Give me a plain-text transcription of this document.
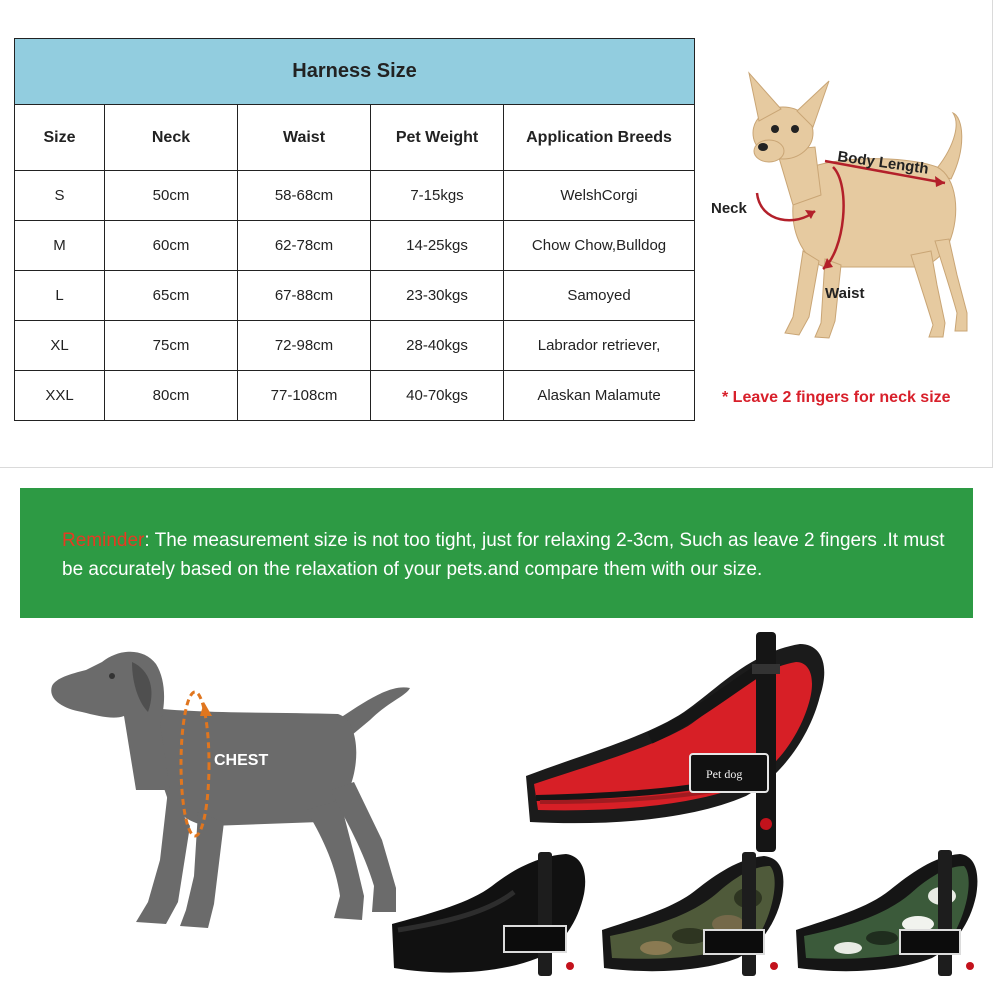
Harness Size				
Size	Neck	Waist	Pet Weight	Application Breeds
S	50cm	58-68cm	7-15kgs	WelshCorgi
M	60cm	62-78cm	14-25kgs	Chow Chow,Bulldog
L	65cm	67-88cm	23-30kgs	Samoyed
XL	75cm	72-98cm	28-40kgs	Labrador retriever,
XXL	80cm	77-108cm	40-70kgs	Alaskan Malamute
Body Length
Neck
Waist
* Leave 2 fingers for neck size

Reminder: The measurement size is not too tight, just for relaxing 2-3cm, Such as leave 2 fingers .It must be accurately based on the relaxation of your pets.and compare them with our size.

CHEST
Pet dog
